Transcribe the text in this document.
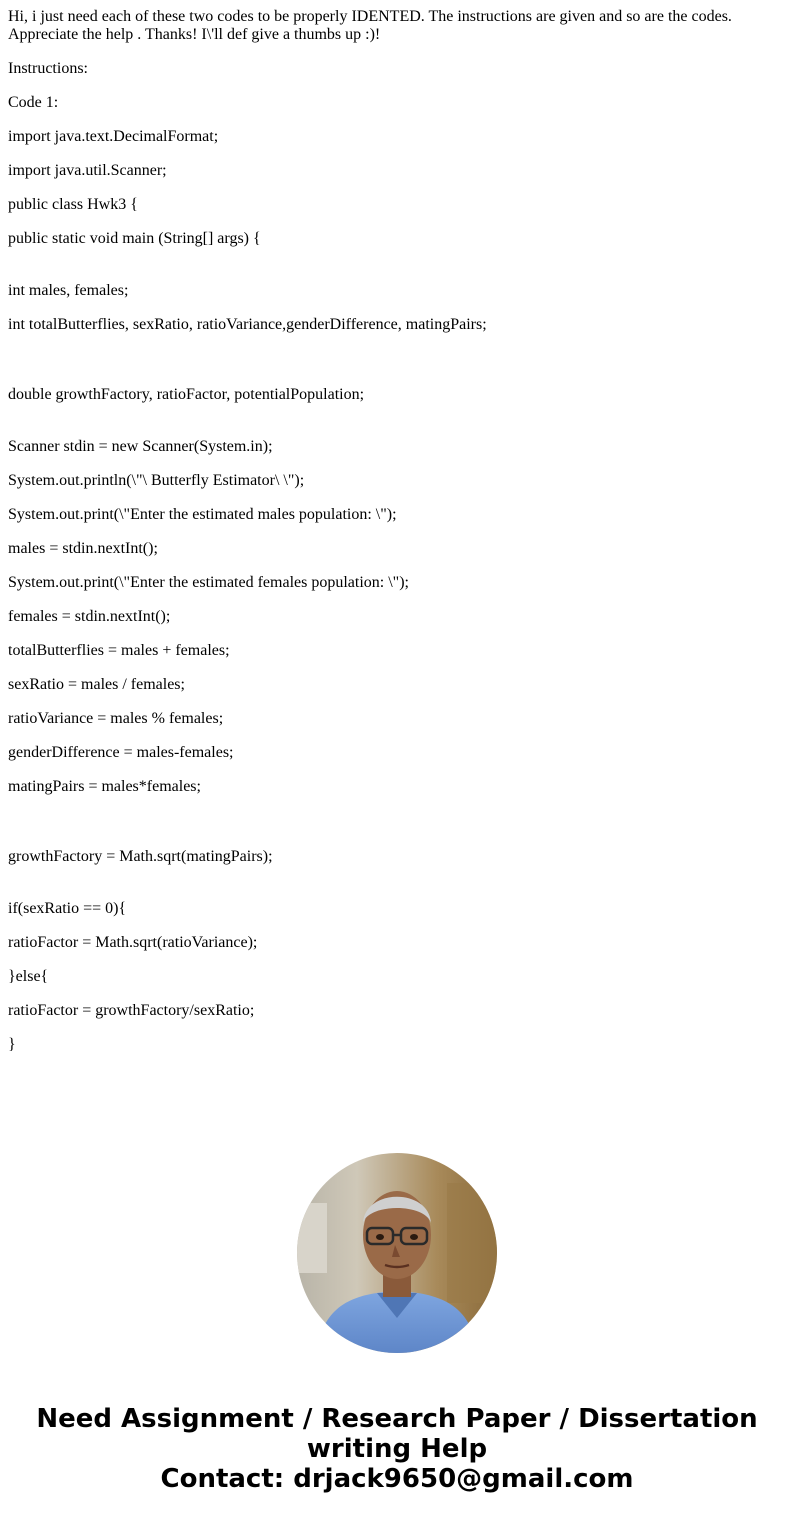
Hi, i just need each of these two codes to be properly IDENTED. The instructions are given and so are the codes. Appreciate the help . Thanks! I\'ll def give a thumbs up :)!
Instructions:
Code 1:
import java.text.DecimalFormat;
import java.util.Scanner;
public class Hwk3 {
public static void main (String[] args) {
int males, females;
int totalButterflies, sexRatio, ratioVariance,genderDifference, matingPairs;
double growthFactory, ratioFactor, potentialPopulation;
Scanner stdin = new Scanner(System.in);
System.out.println(\"\ Butterfly Estimator\ \");
System.out.print(\"Enter the estimated males population: \");
males = stdin.nextInt();
System.out.print(\"Enter the estimated females population: \");
females = stdin.nextInt();
totalButterflies = males + females;
sexRatio = males / females;
ratioVariance = males % females;
genderDifference = males-females;
matingPairs = males*females;
growthFactory = Math.sqrt(matingPairs);
if(sexRatio == 0){
ratioFactor = Math.sqrt(ratioVariance);
}else{
ratioFactor = growthFactory/sexRatio;
}
Need Assignment / Research Paper / Dissertation
writing Help
Contact: drjack9650@gmail.com
